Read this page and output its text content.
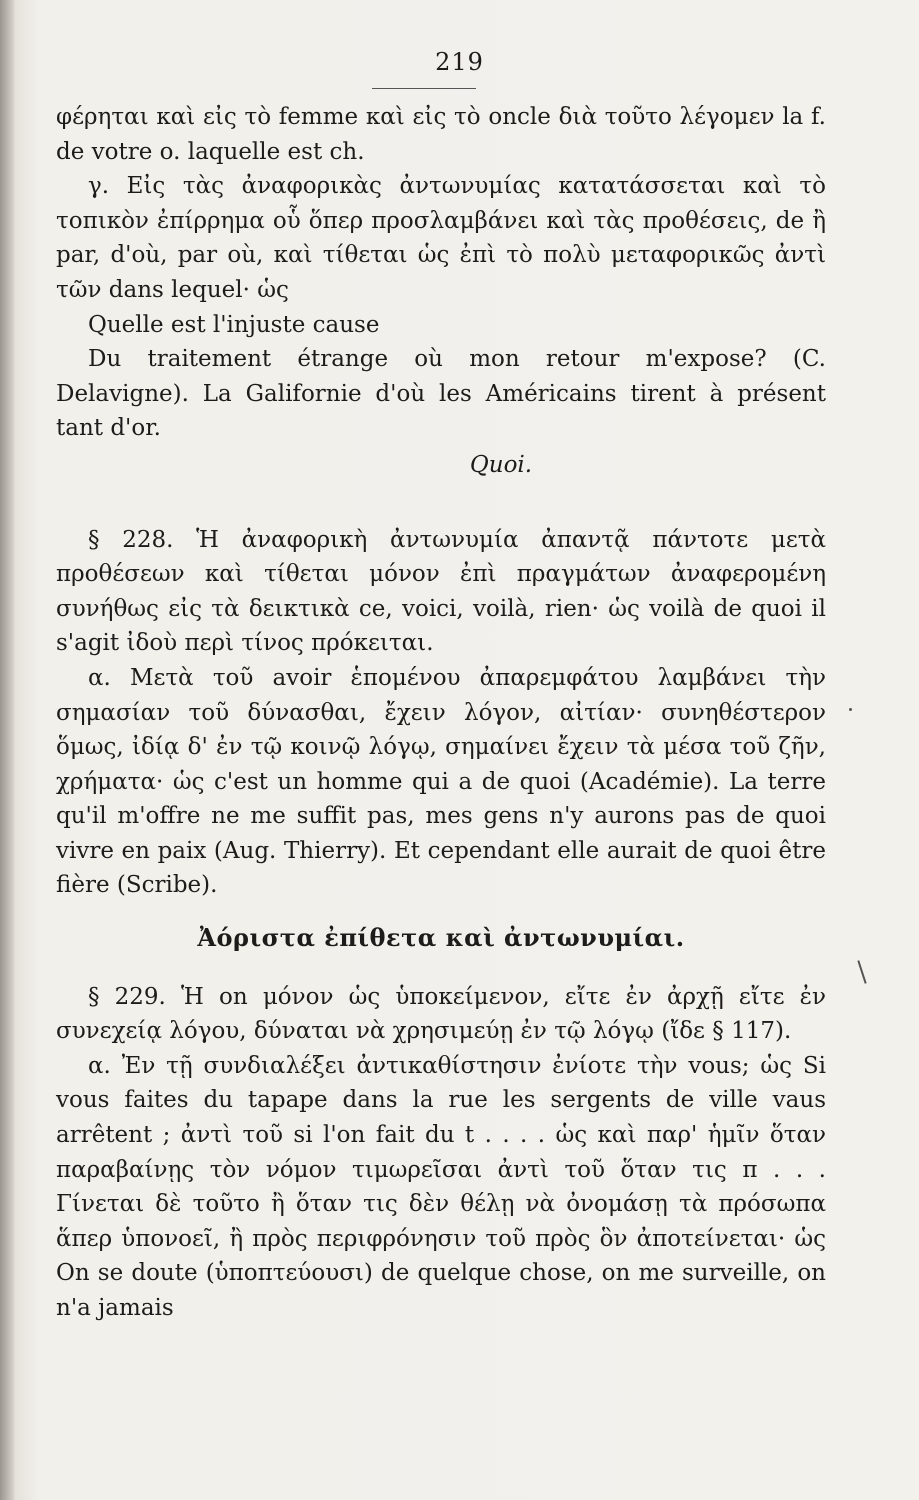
219

φέρηται καὶ εἰς τὸ femme καὶ εἰς τὸ oncle διὰ τοῦτο λέγομεν la f. de votre o. laquelle est ch.

γ. Εἰς τὰς ἀναφορικὰς ἀντωνυμίας κατατάσσεται καὶ τὸ τοπικὸν ἐπίρρημα οὗ ὅπερ προσλαμβάνει καὶ τὰς προθέσεις, de ἢ par, d'où, par où, καὶ τίθεται ὡς ἐπὶ τὸ πολὺ μεταφορικῶς ἀντὶ τῶν dans lequel· ὡς

Quelle est l'injuste cause

Du traitement étrange où mon retour m'expose? (C. Delavigne). La Galifornie d'où les Américains tirent à présent tant d'or.

Quoi.

§ 228. Ἡ ἀναφορικὴ ἀντωνυμία ἀπαντᾷ πάντοτε μετὰ προθέσεων καὶ τίθεται μόνον ἐπὶ πραγμάτων ἀναφερομένη συνήθως εἰς τὰ δεικτικὰ ce, voici, voilà, rien· ὡς voilà de quoi il s'agit ἰδοὺ περὶ τίνος πρόκειται.

α. Μετὰ τοῦ avoir ἑπομένου ἀπαρεμφάτου λαμβάνει τὴν σημασίαν τοῦ δύνασθαι, ἔχειν λόγον, αἰτίαν· συνηθέστερον ὅμως, ἰδίᾳ δ' ἐν τῷ κοινῷ λόγῳ, σημαίνει ἔχειν τὰ μέσα τοῦ ζῆν, χρήματα· ὡς c'est un homme qui a de quoi (Académie). La terre qu'il m'offre ne me suffit pas, mes gens n'y aurons pas de quoi vivre en paix (Aug. Thierry). Et cependant elle aurait de quoi être fière (Scribe).

Ἀόριστα ἐπίθετα καὶ ἀντωνυμίαι.

§ 229. Ἡ on μόνον ὡς ὑποκείμενον, εἴτε ἐν ἀρχῇ εἴτε ἐν συνεχείᾳ λόγου, δύναται νὰ χρησιμεύῃ ἐν τῷ λόγῳ (ἴδε § 117).

α. Ἐν τῇ συνδιαλέξει ἀντικαθίστησιν ἐνίοτε τὴν vous; ὡς Si vous faites du tapape dans la rue les sergents de ville vaus arrêtent ; ἀντὶ τοῦ si l'on fait du t . . . . ὡς καὶ παρ' ἡμῖν ὅταν παραβαίνῃς τὸν νόμον τιμωρεῖσαι ἀντὶ τοῦ ὅταν τις π . . . Γίνεται δὲ τοῦτο ἢ ὅταν τις δὲν θέλῃ νὰ ὀνομάσῃ τὰ πρόσωπα ἅπερ ὑπονοεῖ, ἢ πρὸς περιφρόνησιν τοῦ πρὸς ὃν ἀποτείνεται· ὡς On se doute (ὑποπτεύουσι) de quelque chose, on me surveille, on n'a jamais
